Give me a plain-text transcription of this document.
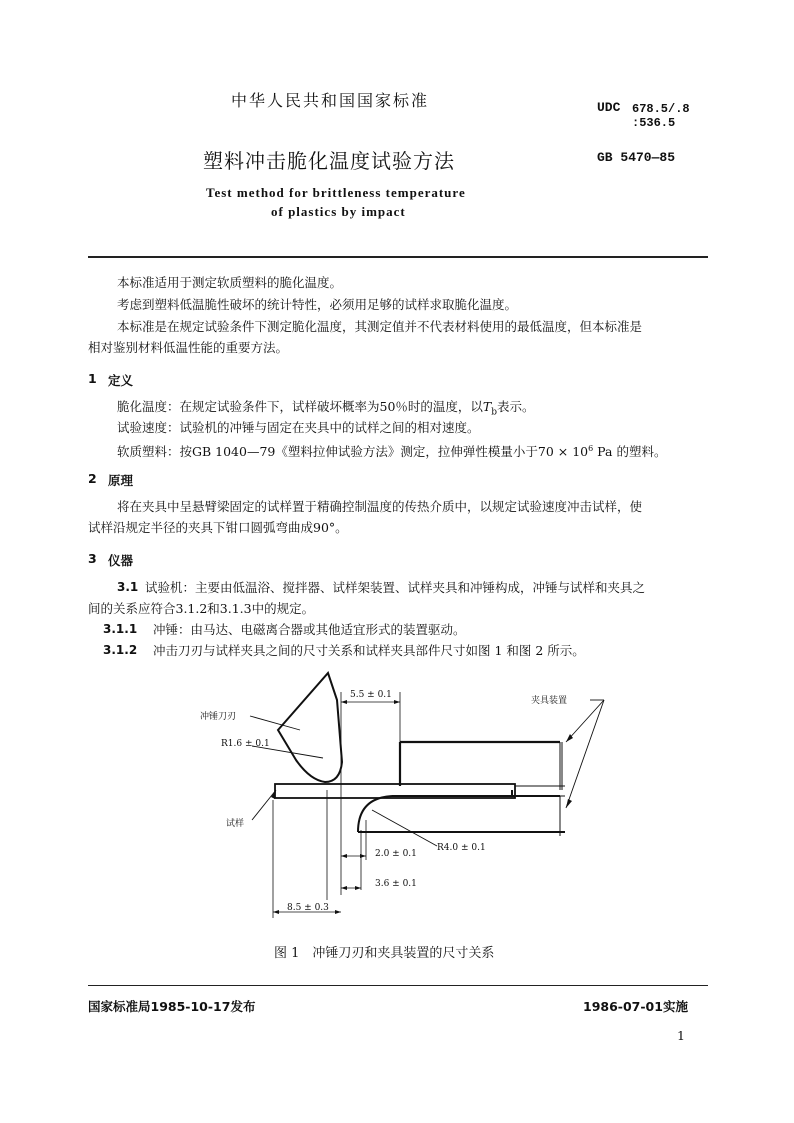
中华人民共和国国家标准	UDC 678.5/.8
:536.5
塑料冲击脆化温度试验方法	GB 5470—85
Test method for brittleness temperature
of plastics by impact
本标准适用于测定软质塑料的脆化温度。
考虑到塑料低温脆性破坏的统计特性，必须用足够的试样求取脆化温度。
本标准是在规定试验条件下测定脆化温度，其测定值并不代表材料使用的最低温度，但本标准是
相对鉴别材料低温性能的重要方法。
1 定义
脆化温度：在规定试验条件下，试样破坏概率为50％时的温度，以$T_b$表示。
试验速度：试验机的冲锤与固定在夹具中的试样之间的相对速度。
软质塑料：按GB 1040—79《塑料拉伸试验方法》测定，拉伸弹性模量小于$70 \times 10^6$ Pa 的塑料。
2 原理
将在夹具中呈悬臂梁固定的试样置于精确控制温度的传热介质中，以规定试验速度冲击试样，使
试样沿规定半径的夹具下钳口圆弧弯曲成90°。
3 仪器
3.1 试验机：主要由低温浴、搅拌器、试样架装置、试样夹具和冲锤构成，冲锤与试样和夹具之
间的关系应符合3.1.2和3.1.3中的规定。
3.1.1 冲锤：由马达、电磁离合器或其他适宜形式的装置驱动。
3.1.2 冲击刀刃与试样夹具之间的尺寸关系和试样夹具部件尺寸如图 1 和图 2 所示。
5.5 ± 0.1
夹具装置
冲锤刀刃
R1.6 ± 0.1
试样
R4.0 ± 0.1
2.0 ± 0.1
3.6 ± 0.1
8.5 ± 0.3
图 1　冲锤刀刃和夹具装置的尺寸关系
国家标准局1985-10-17发布	1986-07-01实施
1
